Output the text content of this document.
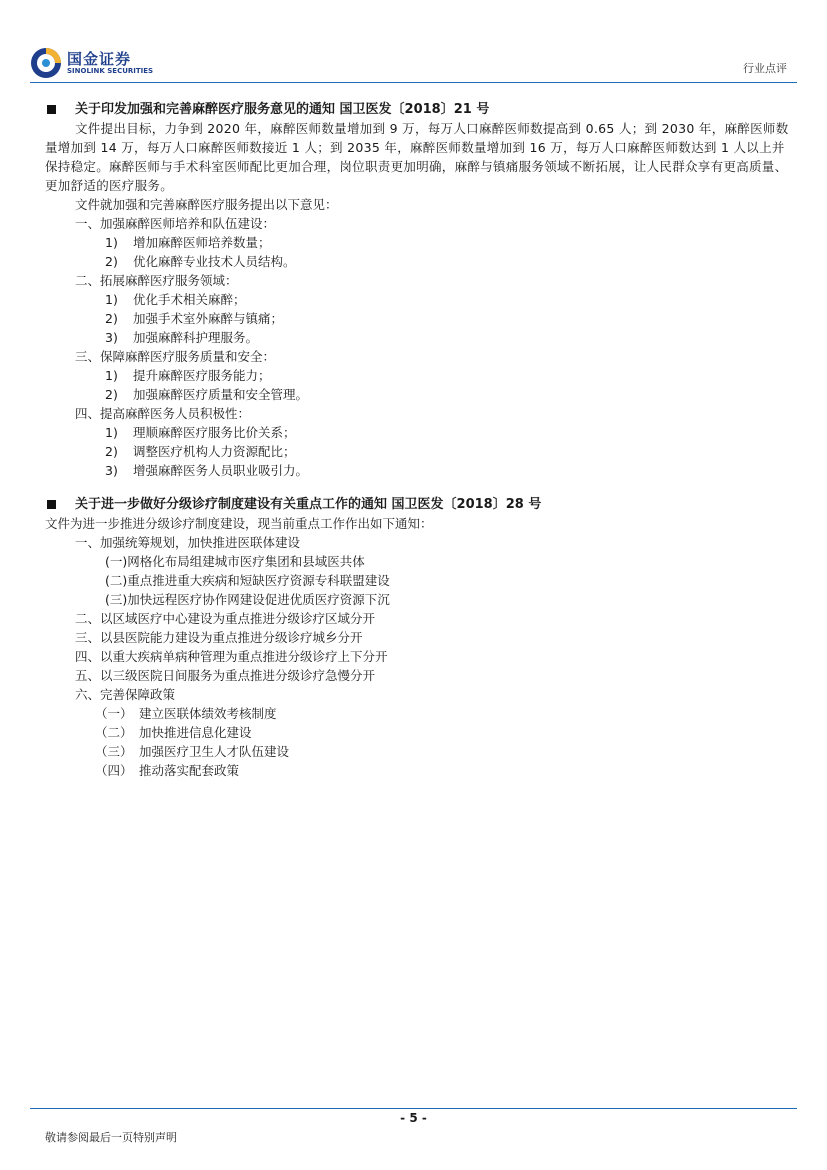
国金证券
SINOLINK SECURITIES	行业点评
关于印发加强和完善麻醉医疗服务意见的通知 国卫医发〔2018〕21 号

文件提出目标，力争到 2020 年，麻醉医师数量增加到 9 万，每万人口麻醉医师数提高到 0.65 人；到 2030 年，麻醉医师数量增加到 14 万，每万人口麻醉医师数接近 1 人；到 2035 年，麻醉医师数量增加到 16 万，每万人口麻醉医师数达到 1 人以上并保持稳定。麻醉医师与手术科室医师配比更加合理，岗位职责更加明确，麻醉与镇痛服务领域不断拓展，让人民群众享有更高质量、更加舒适的医疗服务。

文件就加强和完善麻醉医疗服务提出以下意见：
一、加强麻醉医师培养和队伍建设：
1) 增加麻醉医师培养数量；
2) 优化麻醉专业技术人员结构。
二、拓展麻醉医疗服务领域：
1) 优化手术相关麻醉；
2) 加强手术室外麻醉与镇痛；
3) 加强麻醉科护理服务。
三、保障麻醉医疗服务质量和安全：
1) 提升麻醉医疗服务能力；
2) 加强麻醉医疗质量和安全管理。
四、提高麻醉医务人员积极性：
1) 理顺麻醉医疗服务比价关系；
2) 调整医疗机构人力资源配比；
3) 增强麻醉医务人员职业吸引力。
关于进一步做好分级诊疗制度建设有关重点工作的通知 国卫医发〔2018〕28 号
文件为进一步推进分级诊疗制度建设，现当前重点工作作出如下通知：
一、加强统筹规划，加快推进医联体建设
(一)网格化布局组建城市医疗集团和县域医共体
(二)重点推进重大疾病和短缺医疗资源专科联盟建设
(三)加快远程医疗协作网建设促进优质医疗资源下沉
二、以区域医疗中心建设为重点推进分级诊疗区域分开
三、以县医院能力建设为重点推进分级诊疗城乡分开
四、以重大疾病单病种管理为重点推进分级诊疗上下分开
五、以三级医院日间服务为重点推进分级诊疗急慢分开
六、完善保障政策
（一） 建立医联体绩效考核制度
（二） 加快推进信息化建设
（三） 加强医疗卫生人才队伍建设
（四） 推动落实配套政策
- 5 -
敬请参阅最后一页特别声明
